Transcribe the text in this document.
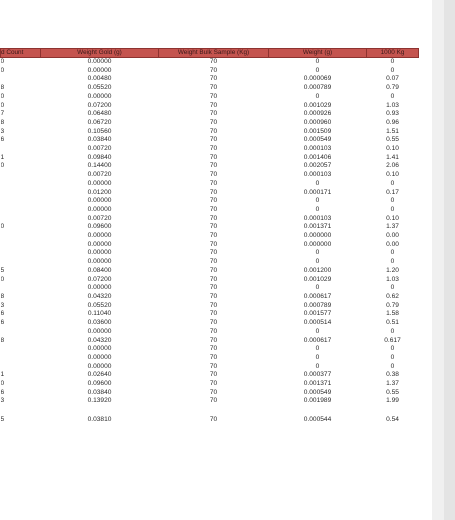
d Count	Weight Gold (g)	Weight Bulk Sample (Kg)	Weight (g)	1000 Kg
0	0.00000	70	0	0
0	0.00000	70	0	0
	0.00480	70	0.000069	0.07
8	0.05520	70	0.000789	0.79
0	0.00000	70	0	0
0	0.07200	70	0.001029	1.03
7	0.06480	70	0.000926	0.93
8	0.06720	70	0.000960	0.96
3	0.10560	70	0.001509	1.51
6	0.03840	70	0.000549	0.55
	0.00720	70	0.000103	0.10
1	0.09840	70	0.001406	1.41
0	0.14400	70	0.002057	2.06
	0.00720	70	0.000103	0.10
	0.00000	70	0	0
	0.01200	70	0.000171	0.17
	0.00000	70	0	0
	0.00000	70	0	0
	0.00720	70	0.000103	0.10
0	0.09600	70	0.001371	1.37
	0.00000	70	0.000000	0.00
	0.00000	70	0.000000	0.00
	0.00000	70	0	0
	0.00000	70	0	0
5	0.08400	70	0.001200	1.20
0	0.07200	70	0.001029	1.03
	0.00000	70	0	0
8	0.04320	70	0.000617	0.62
3	0.05520	70	0.000789	0.79
6	0.11040	70	0.001577	1.58
6	0.03600	70	0.000514	0.51
	0.00000	70	0	0
8	0.04320	70	0.000617	0.617
	0.00000	70	0	0
	0.00000	70	0	0
	0.00000	70	0	0
1	0.02640	70	0.000377	0.38
0	0.09600	70	0.001371	1.37
6	0.03840	70	0.000549	0.55
3	0.13920	70	0.001989	1.99

5	0.03810	70	0.000544	0.54
